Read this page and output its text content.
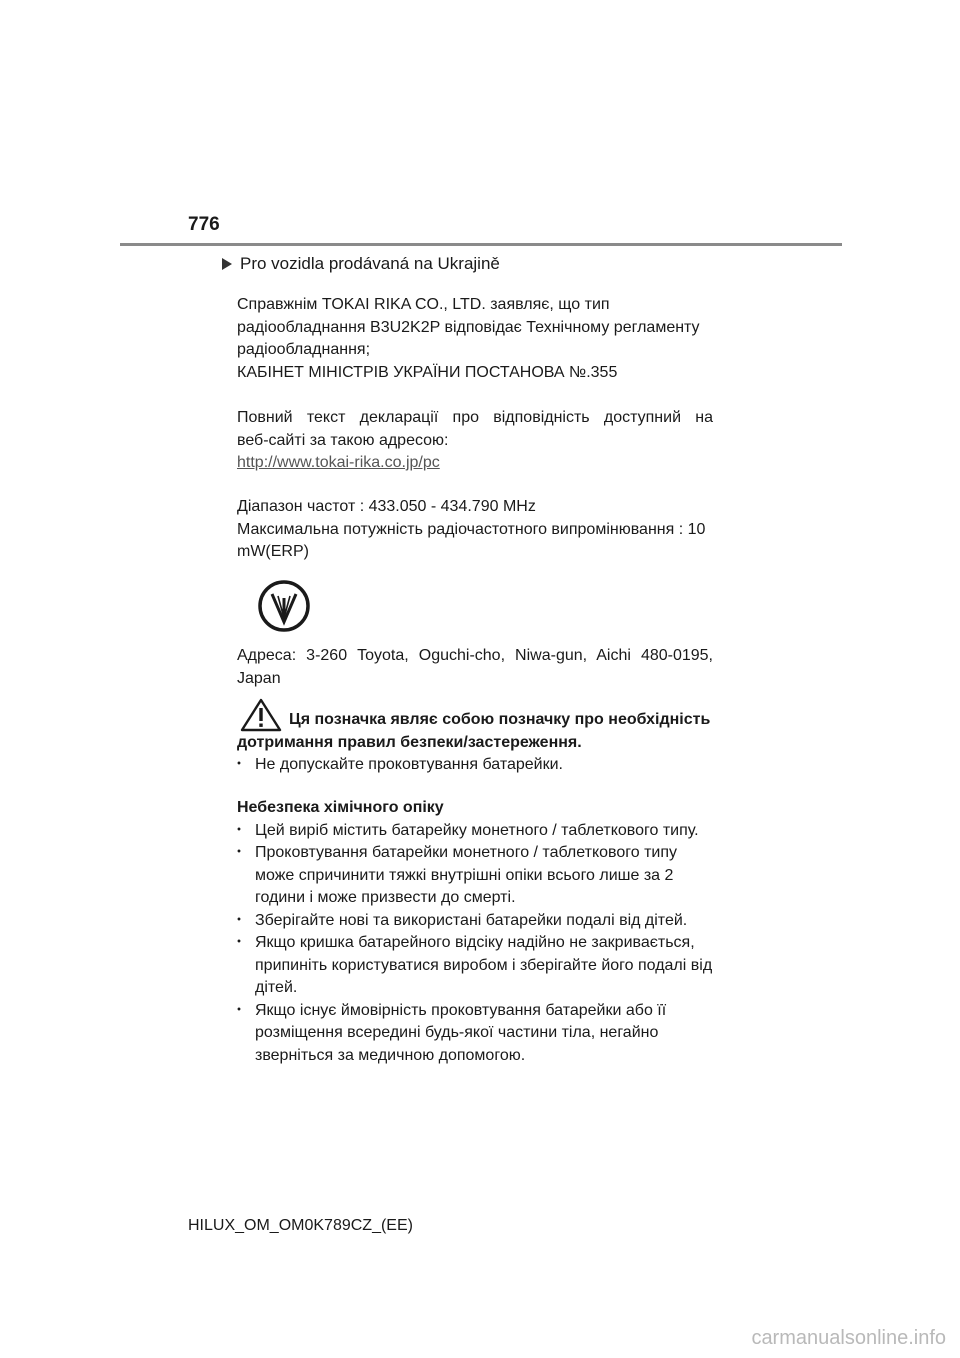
776
Pro vozidla prodávaná na Ukrajině

Справжнім TOKAI RIKA CO., LTD. заявляє, що тип

радіообладнання B3U2K2P відповідає Технічному регламенту

радіообладнання;

КАБІНЕТ МІНІСТРІВ УКРАЇНИ ПОСТАНОВА №.355

Повний текст декларації про відповідність доступний на

веб-сайті за такою адресою:

http://www.tokai-rika.co.jp/pc

Діапазон частот : 433.050 - 434.790 MHz

Максимальна потужність радіочастотного випромінювання : 10

mW(ERP)

Адреса: 3-260 Toyota, Oguchi-cho, Niwa-gun, Aichi 480-0195,

Japan

Ця позначка являє собою позначку про необхідність

дотримання правил безпеки/застереження.

・ Не допускайте проковтування батарейки.

Небезпека хімічного опіку

・ Цей виріб містить батарейку монетного / таблеткового типу.
・ Проковтування батарейки монетного / таблеткового типу може спричинити тяжкі внутрішні опіки всього лише за 2 години і може призвести до смерті.
・ Зберігайте нові та використані батарейки подалі від дітей.
・ Якщо кришка батарейного відсіку надійно не закривається, припиніть користуватися виробом і зберігайте його подалі від дітей.
・ Якщо існує ймовірність проковтування батарейки або її розміщення всередині будь-якої частини тіла, негайно зверніться за медичною допомогою.
HILUX_OM_OM0K789CZ_(EE)
carmanualsonline.info
